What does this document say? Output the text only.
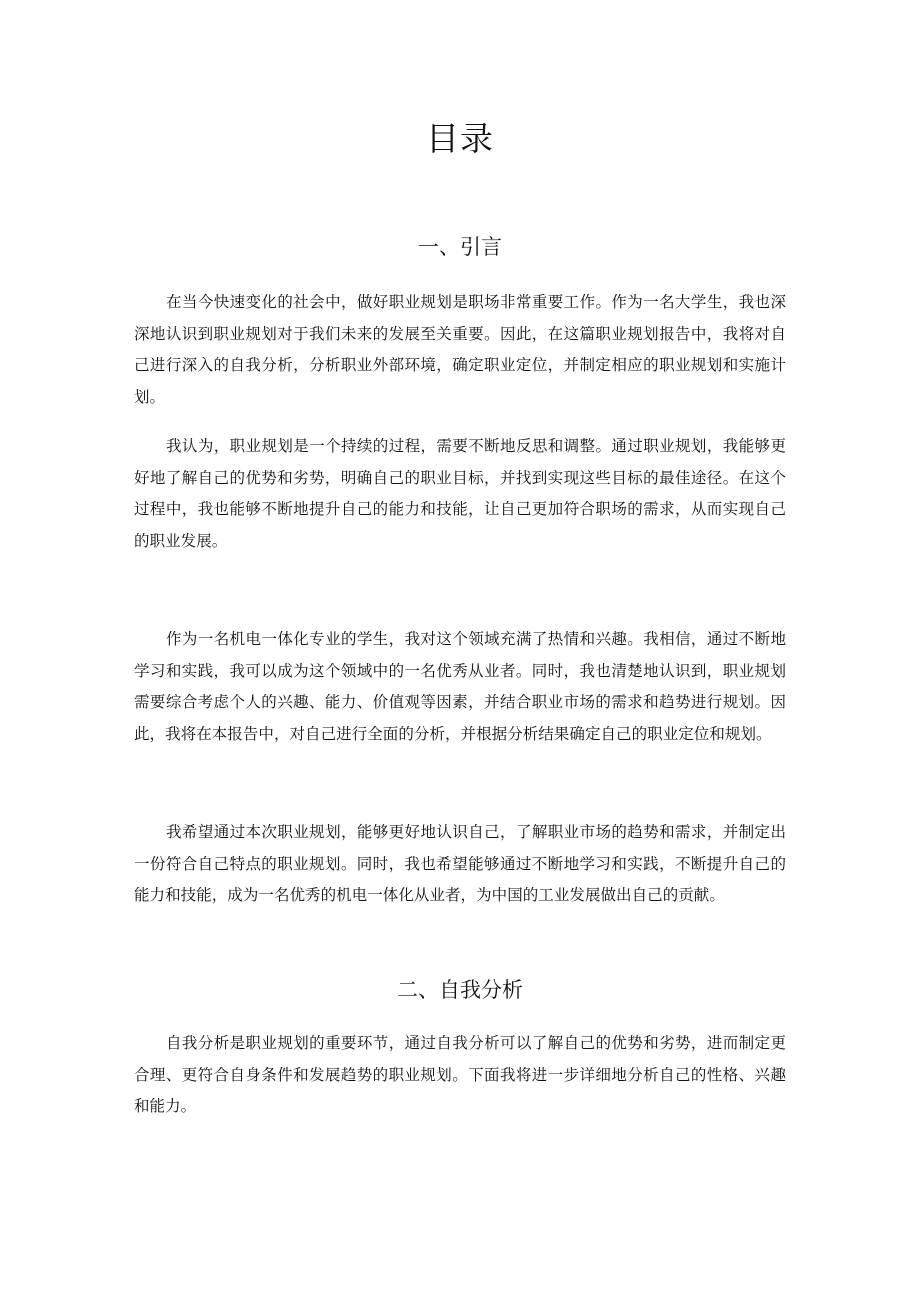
目录
一、引言

在当今快速变化的社会中，做好职业规划是职场非常重要工作。作为一名大学生，我也深深地认识到职业规划对于我们未来的发展至关重要。因此，在这篇职业规划报告中，我将对自己进行深入的自我分析，分析职业外部环境，确定职业定位，并制定相应的职业规划和实施计划。

我认为，职业规划是一个持续的过程，需要不断地反思和调整。通过职业规划，我能够更好地了解自己的优势和劣势，明确自己的职业目标，并找到实现这些目标的最佳途径。在这个过程中，我也能够不断地提升自己的能力和技能，让自己更加符合职场的需求，从而实现自己的职业发展。

作为一名机电一体化专业的学生，我对这个领域充满了热情和兴趣。我相信，通过不断地学习和实践，我可以成为这个领域中的一名优秀从业者。同时，我也清楚地认识到，职业规划需要综合考虑个人的兴趣、能力、价值观等因素，并结合职业市场的需求和趋势进行规划。因此，我将在本报告中，对自己进行全面的分析，并根据分析结果确定自己的职业定位和规划。

我希望通过本次职业规划，能够更好地认识自己，了解职业市场的趋势和需求，并制定出一份符合自己特点的职业规划。同时，我也希望能够通过不断地学习和实践，不断提升自己的能力和技能，成为一名优秀的机电一体化从业者，为中国的工业发展做出自己的贡献。

二、自我分析

自我分析是职业规划的重要环节，通过自我分析可以了解自己的优势和劣势，进而制定更合理、更符合自身条件和发展趋势的职业规划。下面我将进一步详细地分析自己的性格、兴趣和能力。
